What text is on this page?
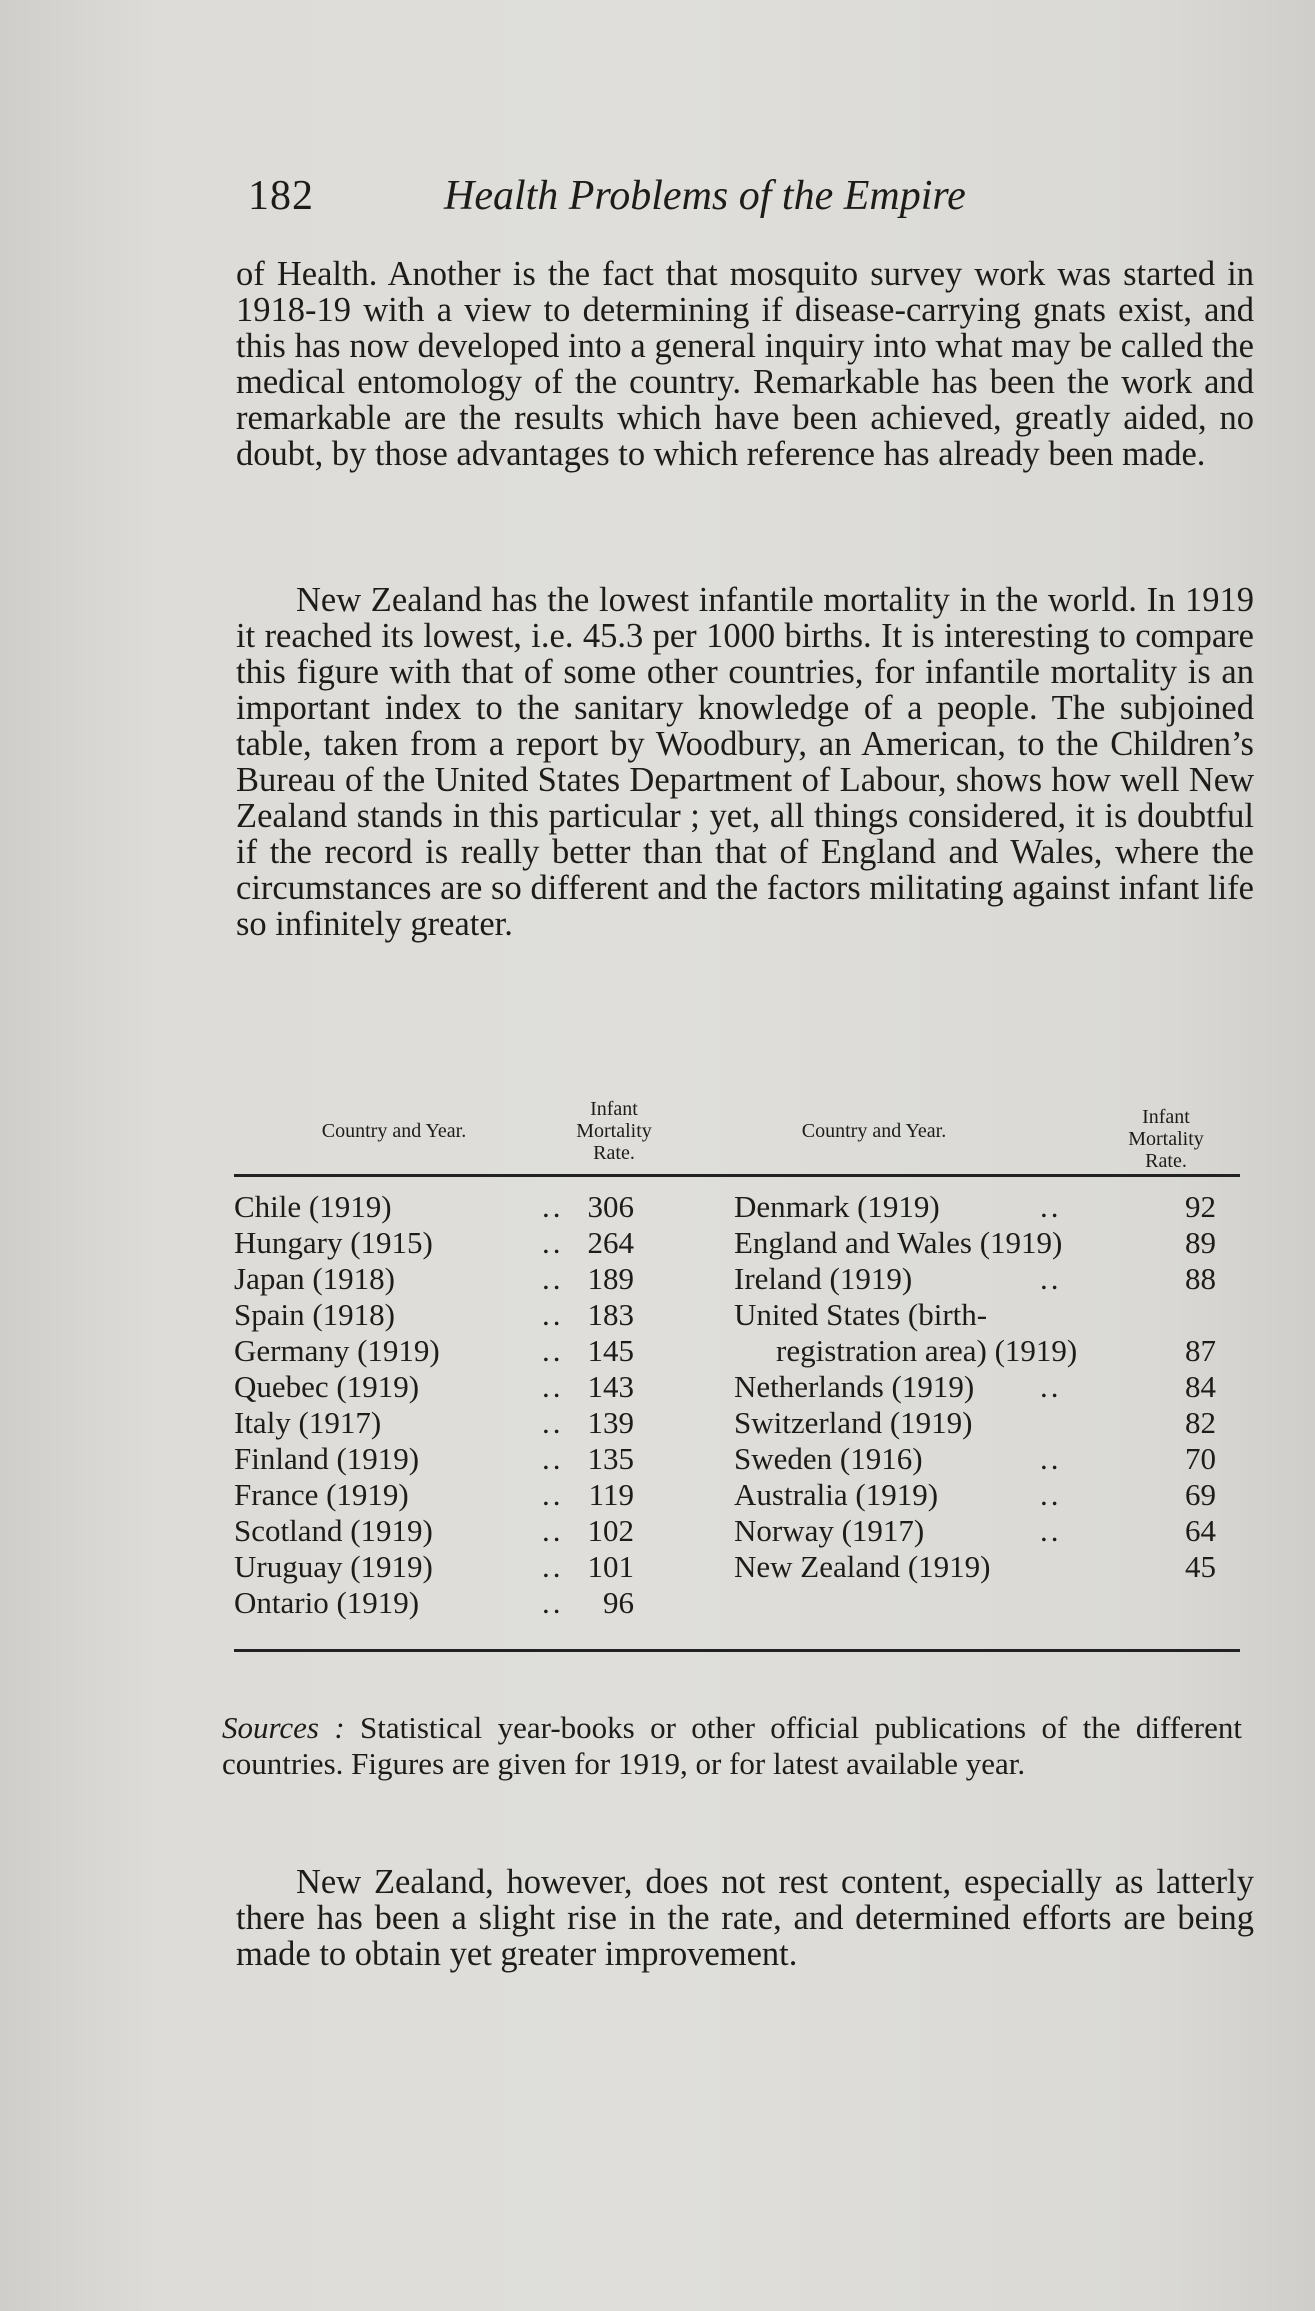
182	Health Problems of the Empire

of Health. Another is the fact that mosquito survey work was started in 1918-19 with a view to determining if disease-carrying gnats exist, and this has now developed into a general inquiry into what may be called the medical entomology of the country. Remarkable has been the work and remarkable are the results which have been achieved, greatly aided, no doubt, by those advantages to which reference has already been made.

New Zealand has the lowest infantile mortality in the world. In 1919 it reached its lowest, i.e. 45.3 per 1000 births. It is interesting to compare this figure with that of some other countries, for infantile mortality is an important index to the sanitary knowledge of a people. The subjoined table, taken from a report by Woodbury, an American, to the Children’s Bureau of the United States Department of Labour, shows how well New Zealand stands in this particular ; yet, all things considered, it is doubtful if the record is really better than that of England and Wales, where the circumstances are so different and the factors militating against infant life so infinitely greater.

Country and Year.
Infant
Mortality
Rate.
Country and Year.
Infant
Mortality
Rate.
Chile (1919)	.. 306
Hungary (1915)	.. 264
Japan (1918)	.. 189
Spain (1918)	.. 183
Germany (1919)	.. 145
Quebec (1919)	.. 143
Italy (1917)	.. 139
Finland (1919)	.. 135
France (1919)	.. 119
Scotland (1919)	.. 102
Uruguay (1919)	.. 101
Ontario (1919)	.. 96
Denmark (1919)	..	92
England and Wales (1919)	89
Ireland (1919)	..	88
United States (birth-
registration area) (1919)	87
Netherlands (1919) ..	84
Switzerland (1919)	82
Sweden (1916)	..	70
Australia (1919)	..	69
Norway (1917)	..	64
New Zealand (1919)	45
Sources : Statistical year-books or other official publications of the different countries. Figures are given for 1919, or for latest available year.

New Zealand, however, does not rest content, especially as latterly there has been a slight rise in the rate, and determined efforts are being made to obtain yet greater improvement.
